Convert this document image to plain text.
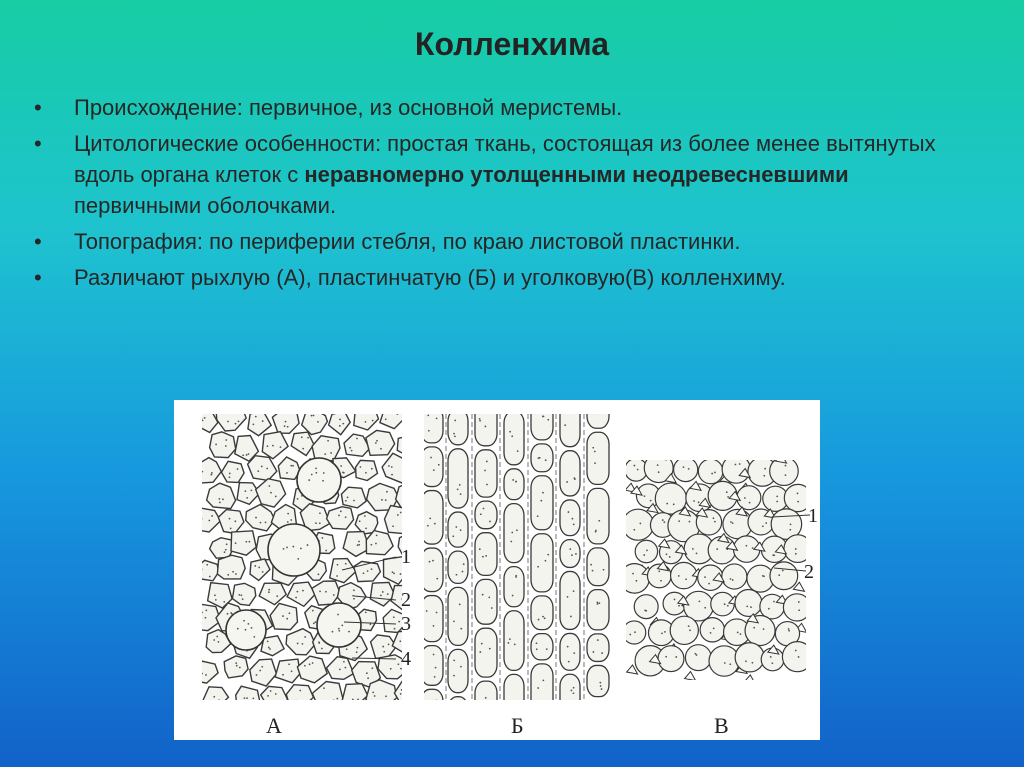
Колленхима
• Происхождение: первичное, из основной меристемы.
• Цитологические особенности: простая ткань, состоящая из более менее вытянутых вдоль органа клеток с неравномерно утолщенными неодревесневшими первичными оболочками.
• Топография: по периферии стебля, по краю листовой пластинки.
• Различают рыхлую (А), пластинчатую (Б) и уголковую(В) колленхиму.
1
2
3
4
А	Б
1
2
В
